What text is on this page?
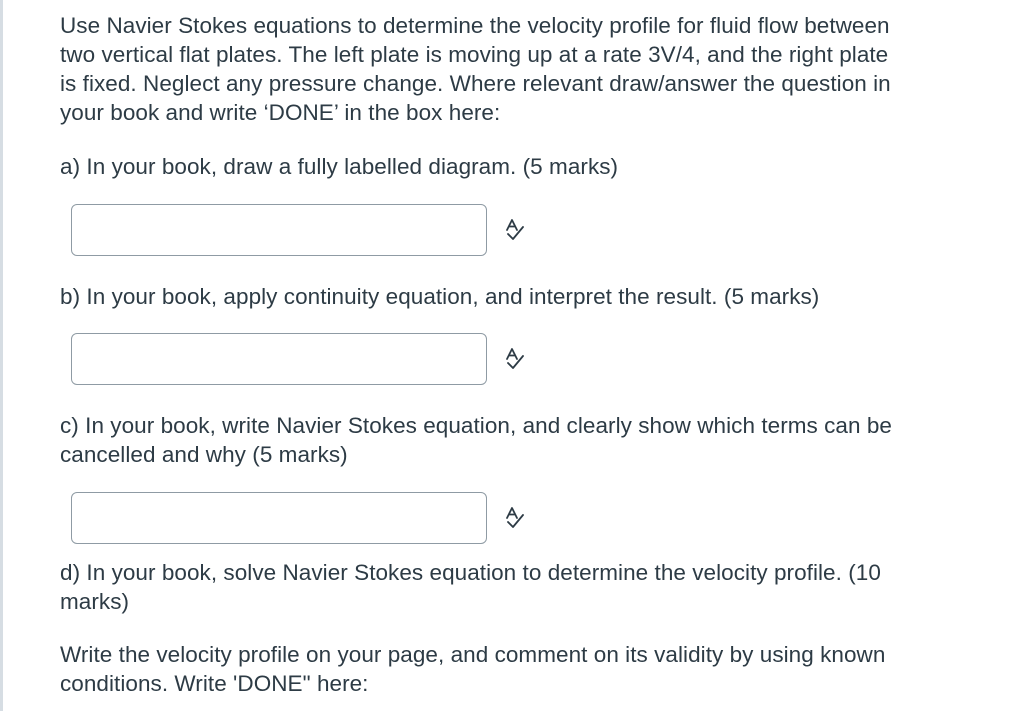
Use Navier Stokes equations to determine the velocity profile for fluid flow between
two vertical flat plates. The left plate is moving up at a rate 3V/4, and the right plate
is fixed. Neglect any pressure change. Where relevant draw/answer the question in
your book and write ‘DONE’ in the box here:
a) In your book, draw a fully labelled diagram. (5 marks)
b) In your book, apply continuity equation, and interpret the result. (5 marks)
c) In your book, write Navier Stokes equation, and clearly show which terms can be
cancelled and why (5 marks)
d) In your book, solve Navier Stokes equation to determine the velocity profile. (10
marks)
Write the velocity profile on your page, and comment on its validity by using known
conditions. Write 'DONE" here:
